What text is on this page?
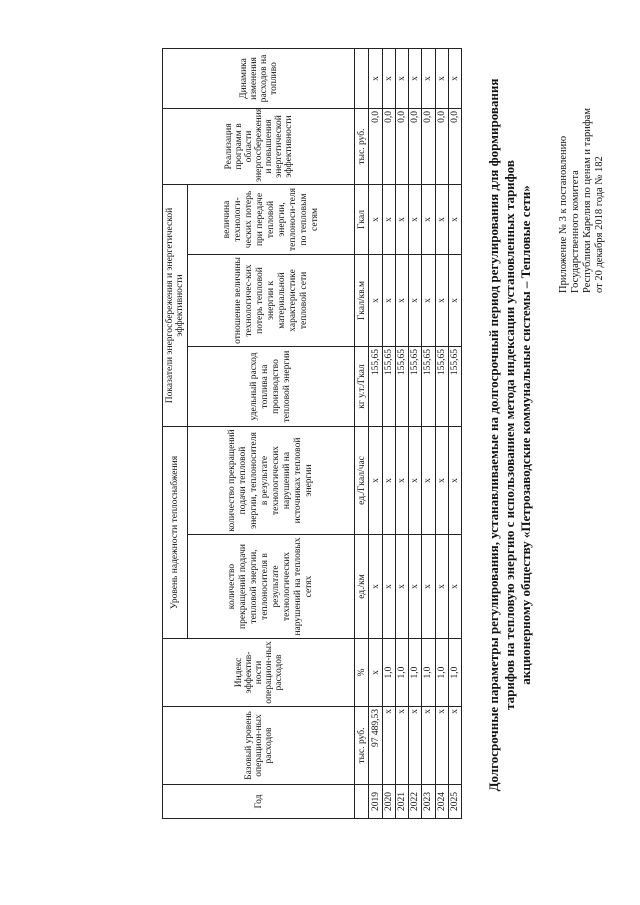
Приложение № 3 к постановлению Государственного комитета Республики Карелия по ценам и тарифам от 20 декабря 2018 года № 182
Долгосрочные параметры регулирования, устанавливаемые на долгосрочный период регулирования для формирования тарифов на тепловую энергию с использованием метода индексации установленных тарифов акционерному обществу «Петрозаводские коммунальные системы – Тепловые сети»
Год	Базовый уровень операцион-ных расходов	Индекс эффектив-ности операцион-ных расходов	Уровень надежности теплоснабжения		Показатели энергосбережения и энергетической эффективности			Реализация программ в области энергосбережения и повышения энергетической эффективности	Динамика изменения расходов на топливо

			количество прекращений подачи тепловой энергии, теплоносителя в результате технологических нарушений на тепловых сетях	количество прекращений подачи тепловой энергии, теплоносителя в результате технологических нарушений на источниках тепловой энергии	удельный расход топлива на производство тепловой энергии	отношение величины технологичес-ких потерь тепловой энергии к материальной характеристике тепловой сети	величина технологи-ческих потерь при передаче тепловой энергии, теплоноси-теля по тепловым сетям		

	тыс. руб.	%	ед./км	ед./Гкал/час	кг у.т./Гкал	Гкал/кв.м	Гкал	тыс. руб.	
2019	97 489,53	x	x	x	155,65	x	x	0,0	x
2020	x	1,0	x	x	155,65	x	x	0,0	x
2021	x	1,0	x	x	155,65	x	x	0,0	x
2022	x	1,0	x	x	155,65	x	x	0,0	x
2023	x	1,0	x	x	155,65	x	x	0,0	x
2024	x	1,0	x	x	155,65	x	x	0,0	x
2025	x	1,0	x	x	155,65	x	x	0,0	x
